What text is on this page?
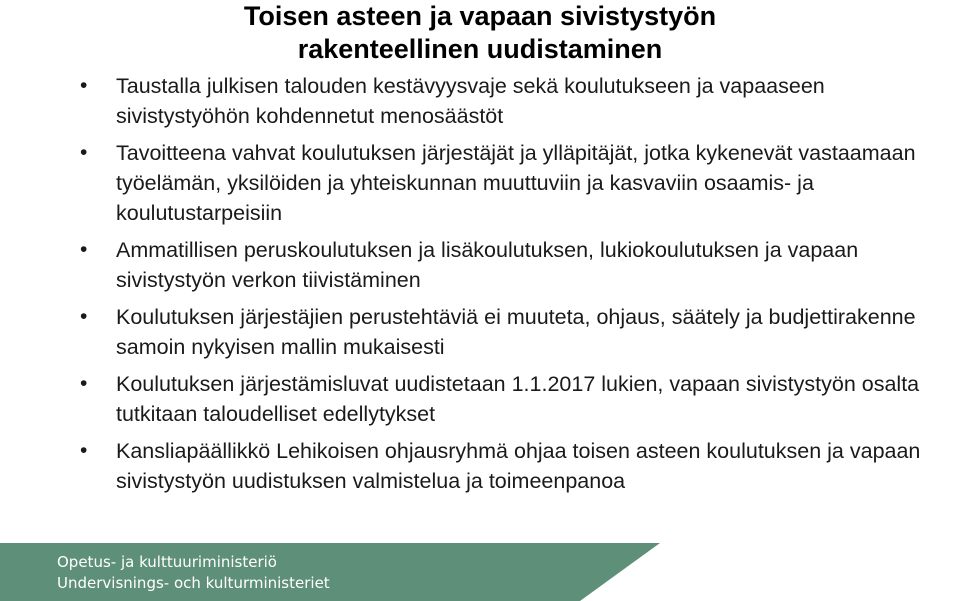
Toisen asteen ja vapaan sivistystyön
rakenteellinen uudistaminen
• Taustalla julkisen talouden kestävyysvaje sekä koulutukseen ja vapaaseen sivistystyöhön kohdennetut menosäästöt
• Tavoitteena vahvat koulutuksen järjestäjät ja ylläpitäjät, jotka kykenevät vastaamaan työelämän, yksilöiden ja yhteiskunnan muuttuviin ja kasvaviin osaamis- ja koulutustarpeisiin
• Ammatillisen peruskoulutuksen ja lisäkoulutuksen, lukiokoulutuksen ja vapaan sivistystyön verkon tiivistäminen
• Koulutuksen järjestäjien perustehtäviä ei muuteta, ohjaus, säätely ja budjettirakenne samoin nykyisen mallin mukaisesti
• Koulutuksen järjestämisluvat uudistetaan 1.1.2017 lukien, vapaan sivistystyön osalta tutkitaan taloudelliset edellytykset
• Kansliapäällikkö Lehikoisen ohjausryhmä ohjaa toisen asteen koulutuksen ja vapaan sivistystyön uudistuksen valmistelua ja toimeenpanoa
Opetus- ja kulttuuriministeriö
Undervisnings- och kulturministeriet
